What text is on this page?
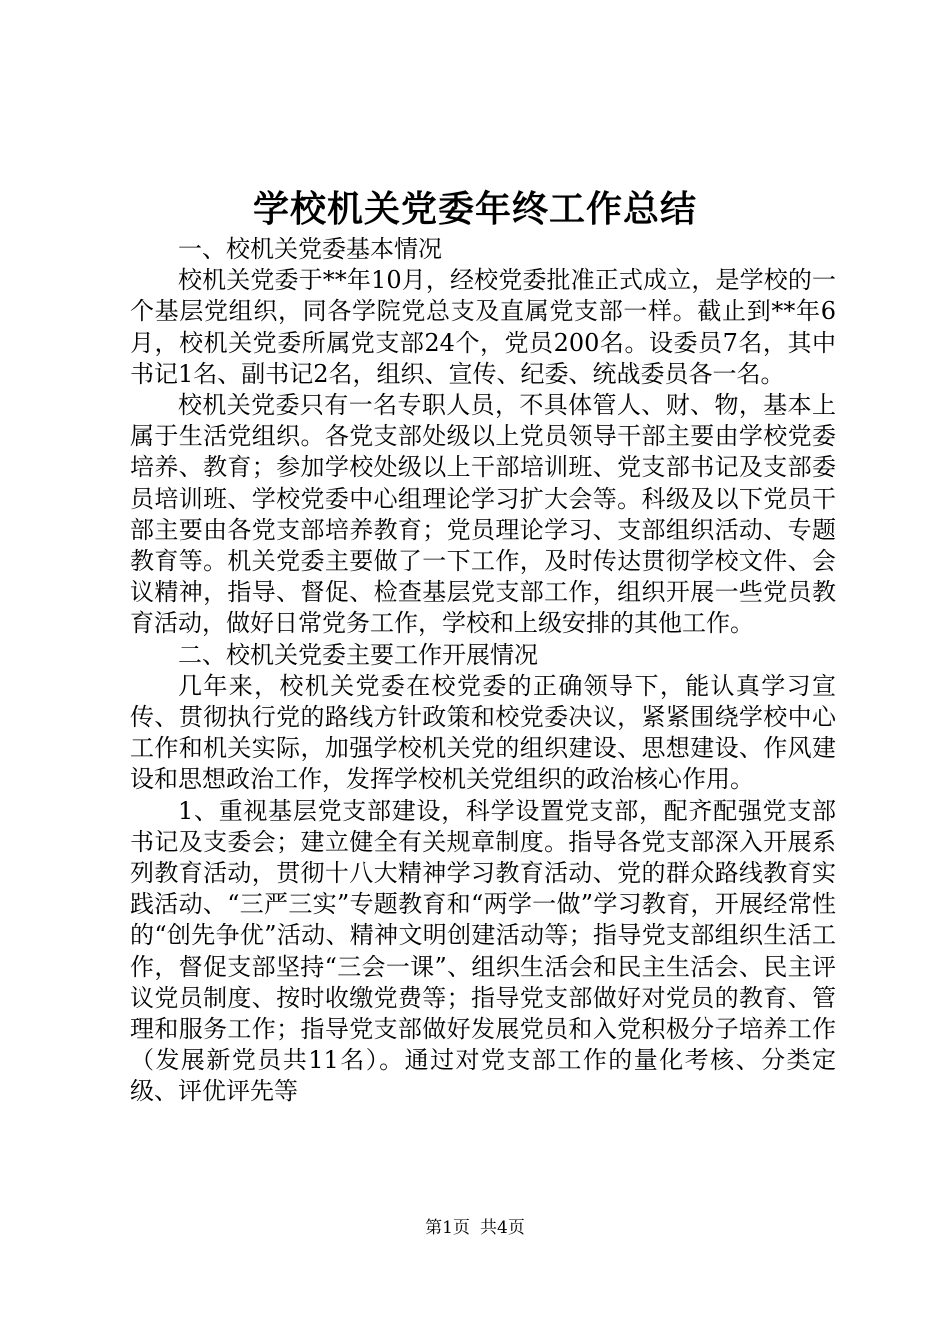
学校机关党委年终工作总结

一、校机关党委基本情况

校机关党委于**年10月，经校党委批准正式成立，是学校的一个基层党组织，同各学院党总支及直属党支部一样。截止到**年6月，校机关党委所属党支部24个，党员200名。设委员7名，其中书记1名、副书记2名，组织、宣传、纪委、统战委员各一名。

校机关党委只有一名专职人员，不具体管人、财、物，基本上属于生活党组织。各党支部处级以上党员领导干部主要由学校党委培养、教育；参加学校处级以上干部培训班、党支部书记及支部委员培训班、学校党委中心组理论学习扩大会等。科级及以下党员干部主要由各党支部培养教育；党员理论学习、支部组织活动、专题教育等。机关党委主要做了一下工作，及时传达贯彻学校文件、会议精神，指导、督促、检查基层党支部工作，组织开展一些党员教育活动，做好日常党务工作，学校和上级安排的其他工作。

二、校机关党委主要工作开展情况

几年来，校机关党委在校党委的正确领导下，能认真学习宣传、贯彻执行党的路线方针政策和校党委决议，紧紧围绕学校中心工作和机关实际，加强学校机关党的组织建设、思想建设、作风建设和思想政治工作，发挥学校机关党组织的政治核心作用。

1、重视基层党支部建设，科学设置党支部，配齐配强党支部书记及支委会；建立健全有关规章制度。指导各党支部深入开展系列教育活动，贯彻十八大精神学习教育活动、党的群众路线教育实践活动、“三严三实”专题教育和“两学一做”学习教育，开展经常性的“创先争优”活动、精神文明创建活动等；指导党支部组织生活工作，督促支部坚持“三会一课”、组织生活会和民主生活会、民主评议党员制度、按时收缴党费等；指导党支部做好对党员的教育、管理和服务工作；指导党支部做好发展党员和入党积极分子培养工作（发展新党员共11名）。通过对党支部工作的量化考核、分类定级、评优评先等

第1页 共4页
